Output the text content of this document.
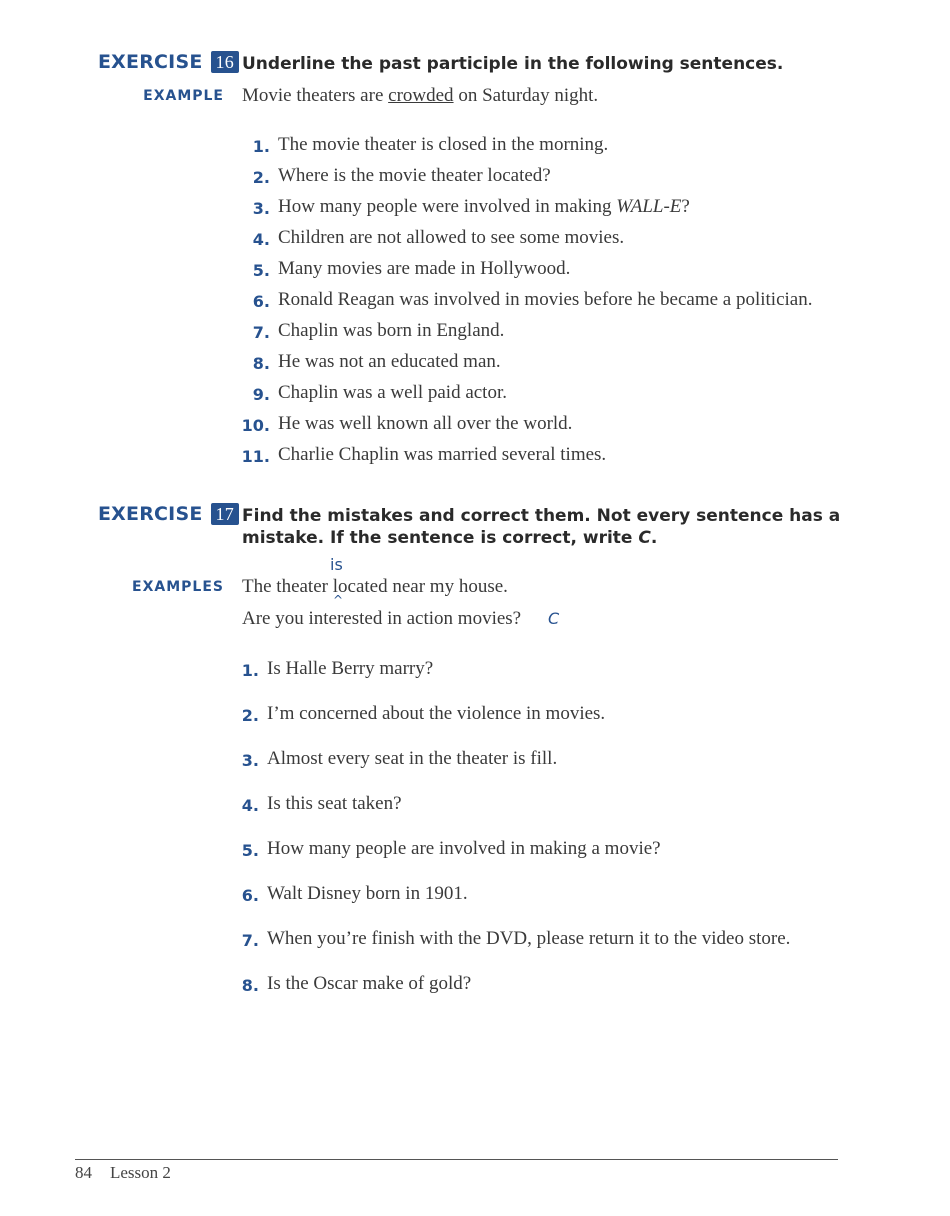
EXERCISE 16 Underline the past participle in the following sentences.
EXAMPLE Movie theaters are crowded on Saturday night.
1. The movie theater is closed in the morning.
2. Where is the movie theater located?
3. How many people were involved in making WALL-E?
4. Children are not allowed to see some movies.
5. Many movies are made in Hollywood.
6. Ronald Reagan was involved in movies before he became a politician.
7. Chaplin was born in England.
8. He was not an educated man.
9. Chaplin was a well paid actor.
10. He was well known all over the world.
11. Charlie Chaplin was married several times.
EXERCISE 17 Find the mistakes and correct them. Not every sentence has a
mistake. If the sentence is correct, write C.
is
EXAMPLES The theater located near my house.
^
Are you interested in action movies? C
1. Is Halle Berry marry?
2. I’m concerned about the violence in movies.
3. Almost every seat in the theater is fill.
4. Is this seat taken?
5. How many people are involved in making a movie?
6. Walt Disney born in 1901.
7. When you’re finish with the DVD, please return it to the video store.
8. Is the Oscar make of gold?
84 Lesson 2
